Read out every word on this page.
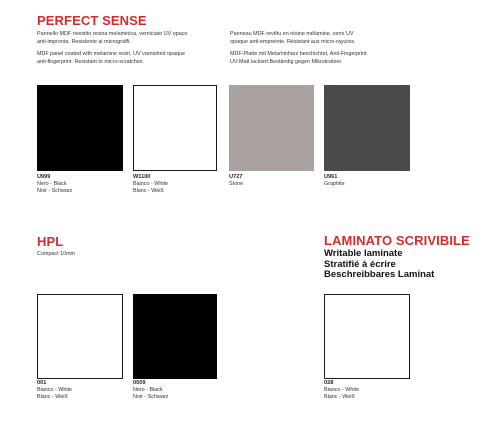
PERFECT SENSE
Pannello MDF rivestito resina melaminica, verniciato UV opaco
anti-impronta. Resistente ai micrograffi.
MDF panel coated with melamine resin, UV varnished opaque
anti-fingerprint. Resistant to micro-scratches.
Panneau MDF revêtu en résine mélamine, verni UV
opaque anti-empreinte. Résistant aux micro-rayures.
MDF-Platte mit Melaminharz beschichtet, Anti-Fingerprint
UV-Matt lackiert.Beständig gegen Mikrokratzer.
U999
Nero - Black
Noir - Schwarz
W1100
Bianco - White
Blanc - Weiß
U727
Stone
U961
Graphite
HPL
Compact 10mm
001
Bianco - White
Blanc - Weiß
0509
Nero - Black
Noir - Schwarz
LAMINATO SCRIVIBILE
Writable laminate
Stratifié à écrire
Beschreibbares Laminat
028
Bianco - White
Blanc - Weiß
